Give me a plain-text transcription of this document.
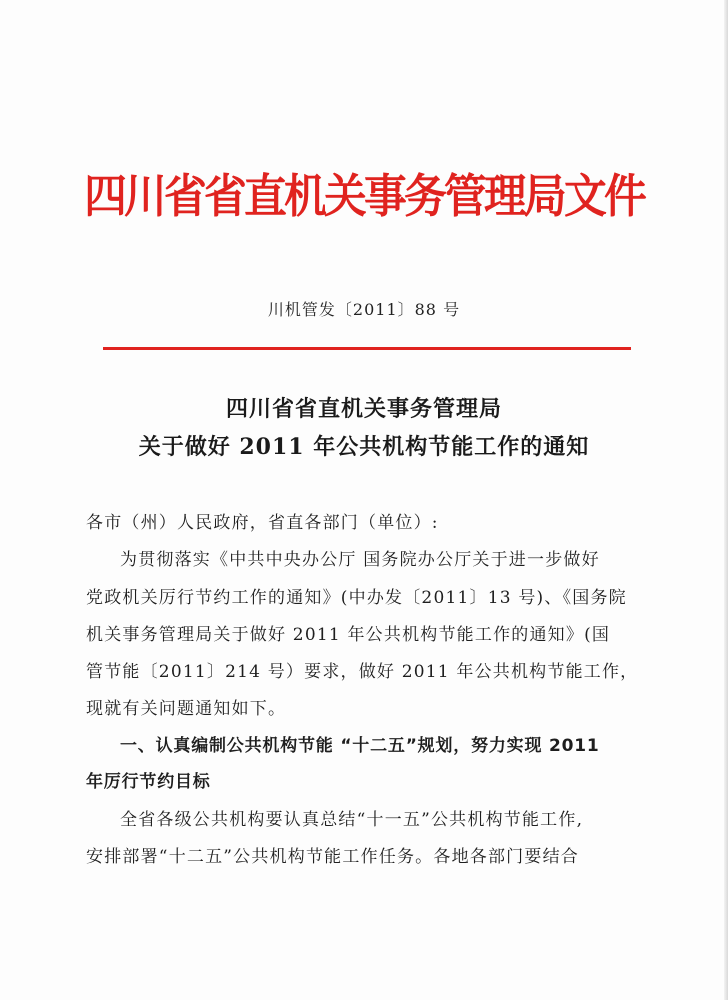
四川省省直机关事务管理局文件
川机管发〔2011〕88 号
四川省省直机关事务管理局
关于做好 2011 年公共机构节能工作的通知
各市（州）人民政府，省直各部门（单位）:
为贯彻落实《中共中央办公厅 国务院办公厅关于进一步做好
党政机关厉行节约工作的通知》(中办发〔2011〕13 号)、《国务院
机关事务管理局关于做好 2011 年公共机构节能工作的通知》(国
管节能〔2011〕214 号）要求，做好 2011 年公共机构节能工作，
现就有关问题通知如下。
一、认真编制公共机构节能 “十二五”规划，努力实现 2011
年厉行节约目标
全省各级公共机构要认真总结“十一五”公共机构节能工作,
安排部署“十二五”公共机构节能工作任务。各地各部门要结合
